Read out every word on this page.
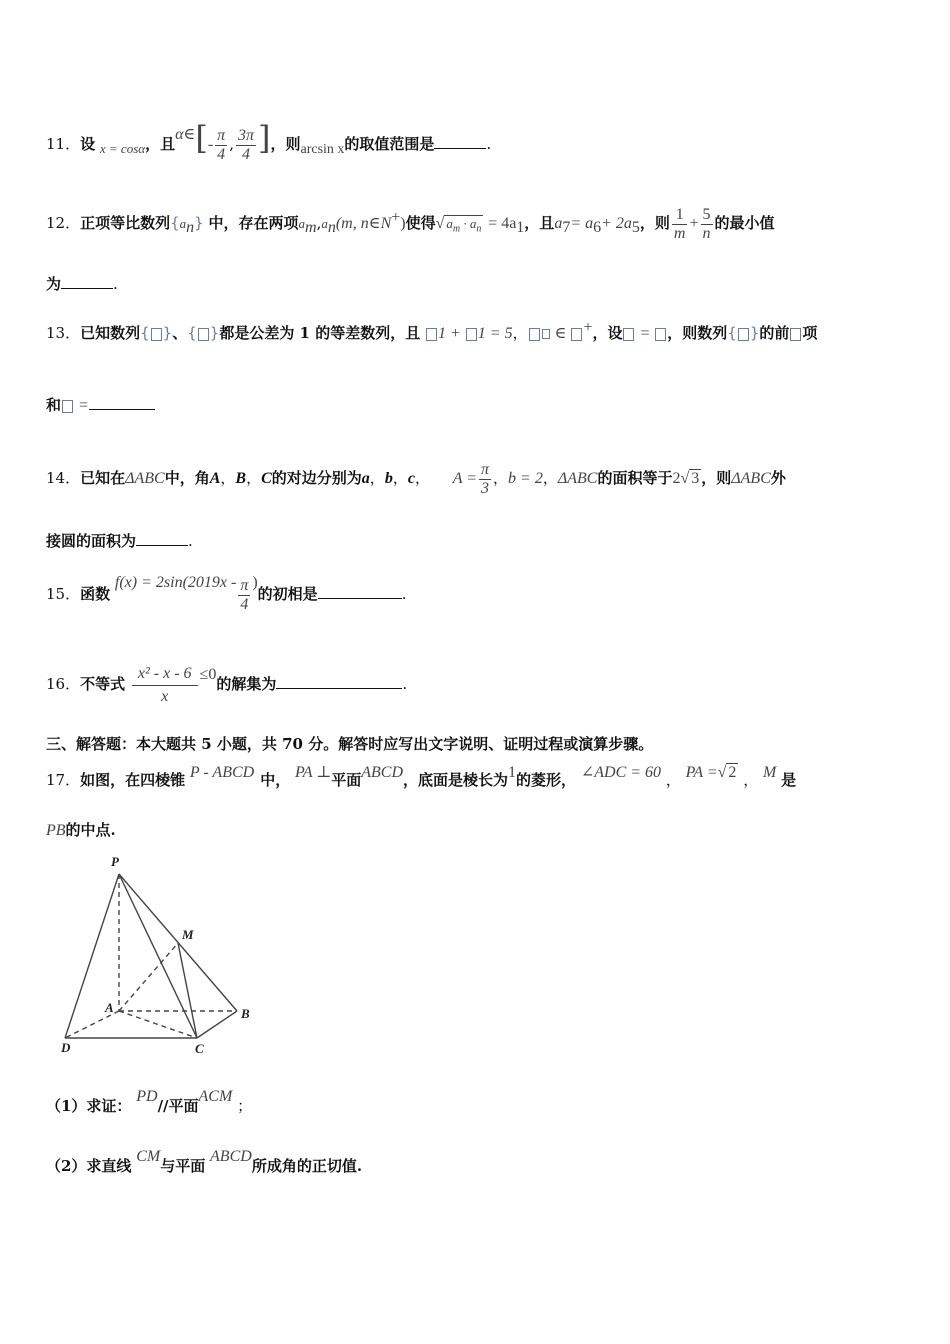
11．设 x = cosα，且α∈[- $\frac{\pi}{4}$ , $\frac{3\pi}{4}$ ]，则arcsin x的取值范围是	.
12．正项等比数列$\{a_n\}$ 中，存在两项$a_m,a_n(m$, n∈N+)使得√ $a_m \cdot a_n = 4a_1$，且$a_7= a_6+ 2a_5$，则 $\frac{1}{m} + \frac{5}{n}$ 的最小值
为	.
13．已知数列{ }、{ }都是公差为 1 的等差数列，且 1 + 1 = 5， ∈ +，设 = ，则数列{ }的前 项
和 =
14．已知在ΔABC中，角A，B，C的对边分别为a，b，c， $A = \frac{\pi}{3}$ ，b = 2，ΔABC的面积等于2√ 3 ，则ΔABC外
接圆的面积为	.
15．函数 $f(x) = 2\sin(2019x - \frac{\pi}{4}$ )的初相是	.
16．不等式 $\frac{\text{x² - x - 6}}{x} \le 0$的解集为	.
三、解答题：本大题共 5 小题，共 70 分。解答时应写出文字说明、证明过程或演算步骤。
17．如图，在四棱锥 P - ABCD 中， PA ⊥平面ABCD，底面是棱长为1的菱形， ∠ADC = 60 ， PA =√ 2 ， M 是
PB的中点.
P
M
A	B
D	C
（1）求证： PD//平面ACM ；
（2）求直线 CM与平面 ABCD所成角的正切值.
